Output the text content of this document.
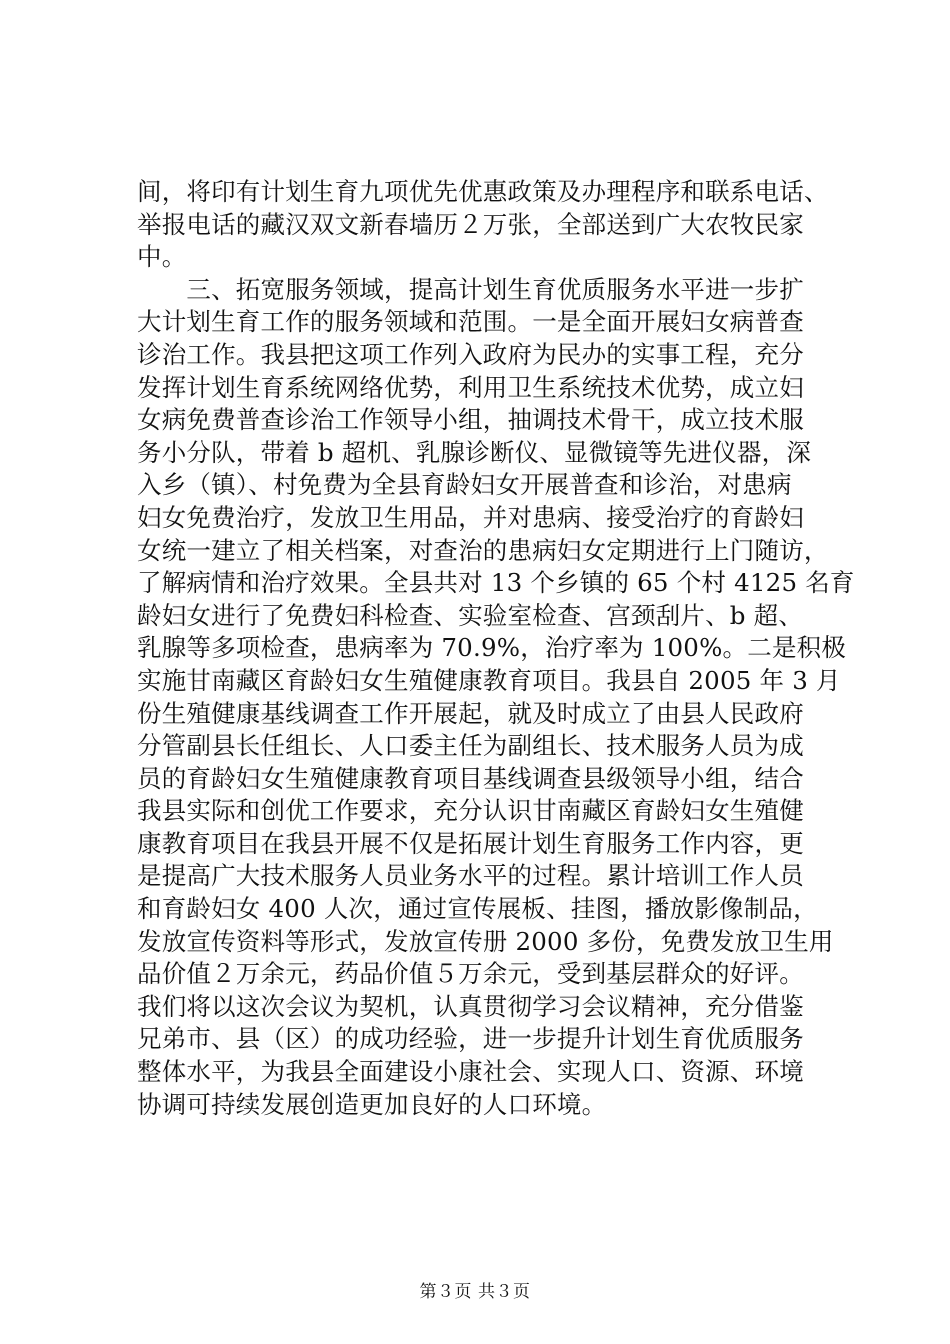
间，将印有计划生育九项优先优惠政策及办理程序和联系电话、
举报电话的藏汉双文新春墙历２万张，全部送到广大农牧民家
中。
　　三、拓宽服务领域，提高计划生育优质服务水平进一步扩
大计划生育工作的服务领域和范围。一是全面开展妇女病普查
诊治工作。我县把这项工作列入政府为民办的实事工程，充分
发挥计划生育系统网络优势，利用卫生系统技术优势，成立妇
女病免费普查诊治工作领导小组，抽调技术骨干，成立技术服
务小分队，带着 b 超机、乳腺诊断仪、显微镜等先进仪器，深
入乡（镇）、村免费为全县育龄妇女开展普查和诊治，对患病
妇女免费治疗，发放卫生用品，并对患病、接受治疗的育龄妇
女统一建立了相关档案，对查治的患病妇女定期进行上门随访，
了解病情和治疗效果。全县共对 13 个乡镇的 65 个村 4125 名育
龄妇女进行了免费妇科检查、实验室检查、宫颈刮片、b 超、
乳腺等多项检查，患病率为 70.9%，治疗率为 100%。二是积极
实施甘南藏区育龄妇女生殖健康教育项目。我县自 2005 年 3 月
份生殖健康基线调查工作开展起，就及时成立了由县人民政府
分管副县长任组长、人口委主任为副组长、技术服务人员为成
员的育龄妇女生殖健康教育项目基线调查县级领导小组，结合
我县实际和创优工作要求，充分认识甘南藏区育龄妇女生殖健
康教育项目在我县开展不仅是拓展计划生育服务工作内容，更
是提高广大技术服务人员业务水平的过程。累计培训工作人员
和育龄妇女 400 人次，通过宣传展板、挂图，播放影像制品，
发放宣传资料等形式，发放宣传册 2000 多份，免费发放卫生用
品价值２万余元，药品价值５万余元，受到基层群众的好评。
我们将以这次会议为契机，认真贯彻学习会议精神，充分借鉴
兄弟市、县（区）的成功经验，进一步提升计划生育优质服务
整体水平，为我县全面建设小康社会、实现人口、资源、环境
协调可持续发展创造更加良好的人口环境。
第３页 共３页
